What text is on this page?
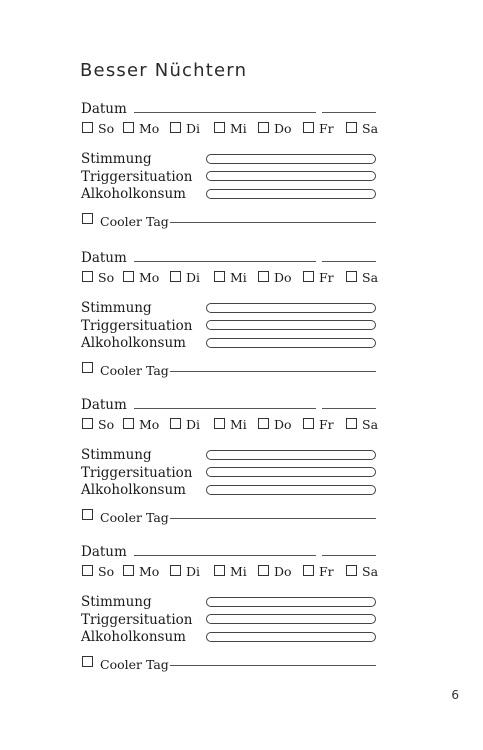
Besser Nüchtern
Datum
So Mo Di Mi Do Fr Sa
Stimmung
Triggersituation
Alkoholkonsum
Cooler Tag
Datum
So Mo Di Mi Do Fr Sa
Stimmung
Triggersituation
Alkoholkonsum
Cooler Tag
Datum
So Mo Di Mi Do Fr Sa
Stimmung
Triggersituation
Alkoholkonsum
Cooler Tag
Datum
So Mo Di Mi Do Fr Sa
Stimmung
Triggersituation
Alkoholkonsum
Cooler Tag
6
